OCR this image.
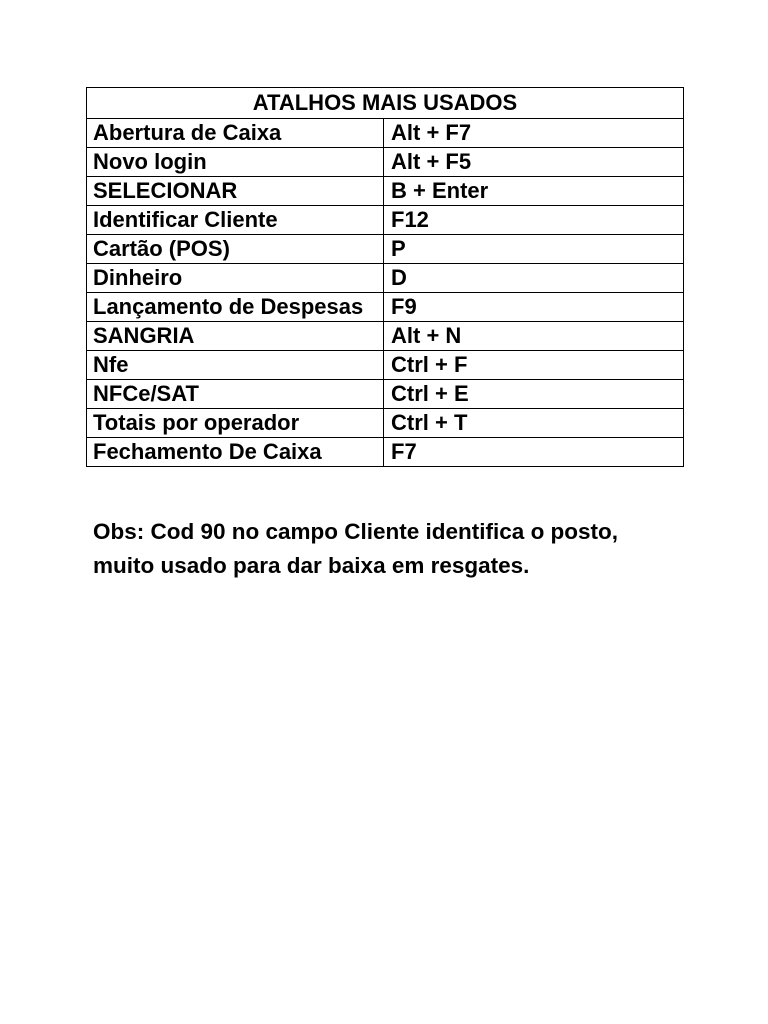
ATALHOS MAIS USADOS	
Abertura de Caixa	Alt + F7
Novo login	Alt + F5
SELECIONAR	B + Enter
Identificar Cliente	F12
Cartão (POS)	P
Dinheiro	D
Lançamento de Despesas	F9
SANGRIA	Alt + N
Nfe	Ctrl + F
NFCe/SAT	Ctrl + E
Totais por operador	Ctrl + T
Fechamento De Caixa	F7

Obs: Cod 90 no campo Cliente identifica o posto, muito usado para dar baixa em resgates.
